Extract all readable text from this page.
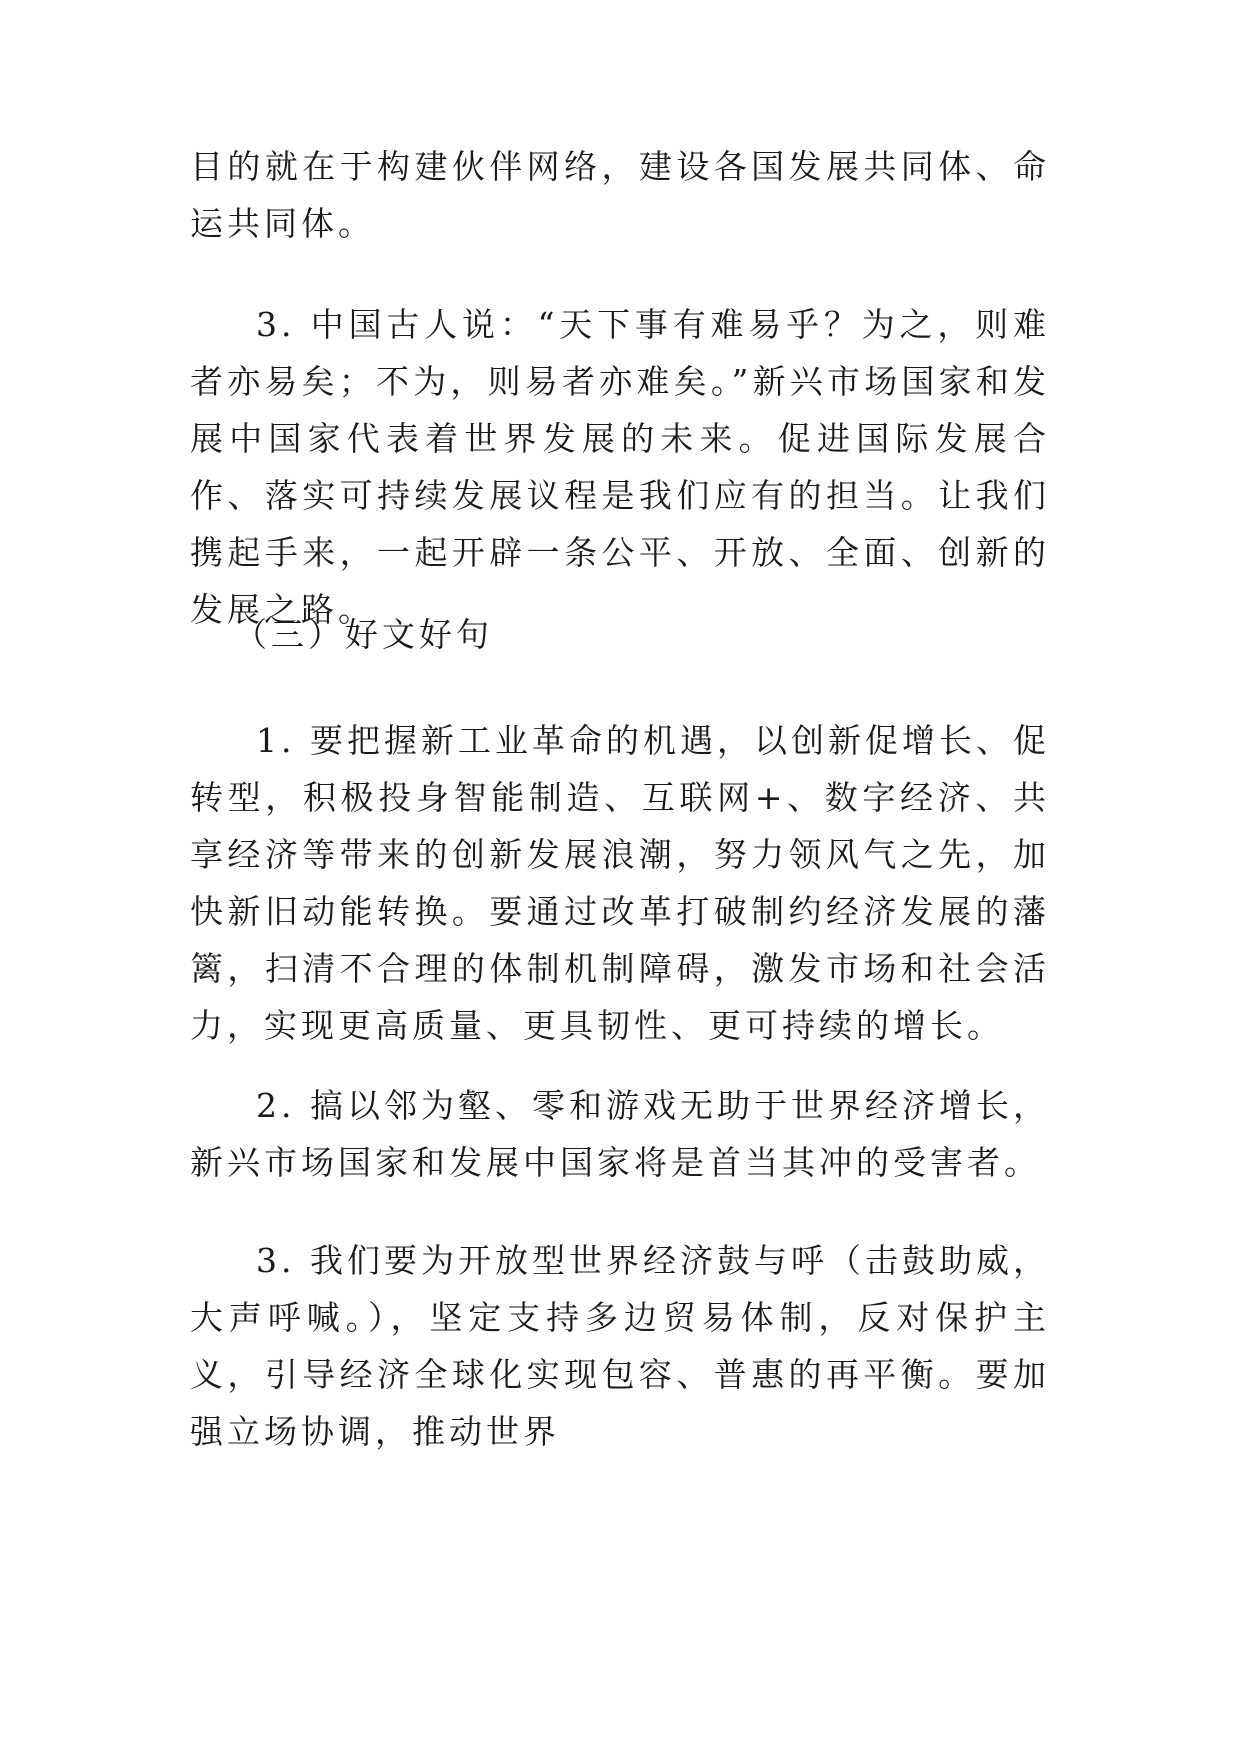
目的就在于构建伙伴网络，建设各国发展共同体、命运共同体。

3. 中国古人说：“天下事有难易乎？为之，则难者亦易矣；不为，则易者亦难矣。”新兴市场国家和发展中国家代表着世界发展的未来。促进国际发展合作、落实可持续发展议程是我们应有的担当。让我们携起手来，一起开辟一条公平、开放、全面、创新的发展之路。

（三）好文好句

1. 要把握新工业革命的机遇，以创新促增长、促转型，积极投身智能制造、互联网+、数字经济、共享经济等带来的创新发展浪潮，努力领风气之先，加快新旧动能转换。要通过改革打破制约经济发展的藩篱，扫清不合理的体制机制障碍，激发市场和社会活力，实现更高质量、更具韧性、更可持续的增长。

2. 搞以邻为壑、零和游戏无助于世界经济增长，新兴市场国家和发展中国家将是首当其冲的受害者。

3. 我们要为开放型世界经济鼓与呼（击鼓助威，大声呼喊。），坚定支持多边贸易体制，反对保护主义，引导经济全球化实现包容、普惠的再平衡。要加强立场协调，推动世界
